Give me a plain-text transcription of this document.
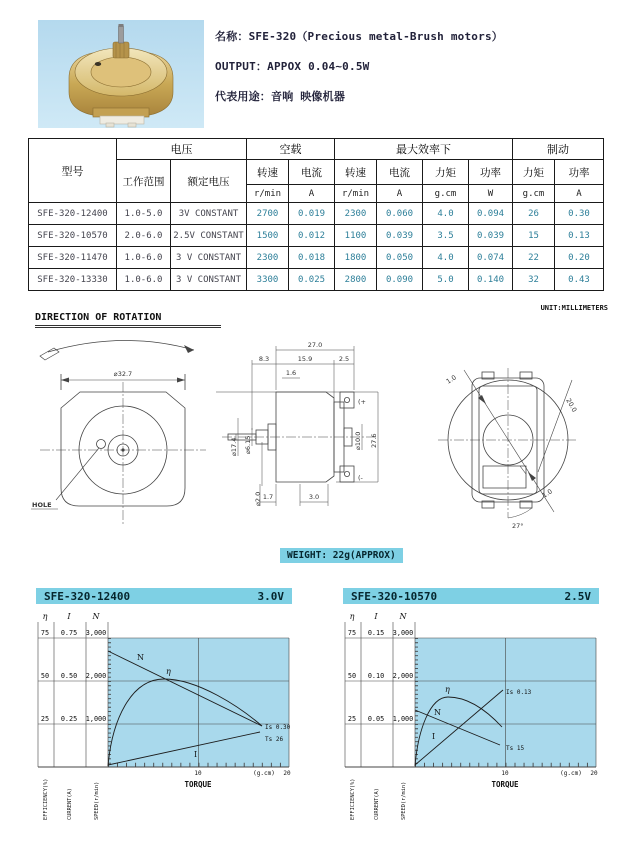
名称：SFE-320（Precious metal-Brush motors）
OUTPUT：APPOX 0.04~0.5W
代表用途：音响 映像机器
型号	电压		空载		最大效率下				制动	
	工作范围	额定电压	转速	电流	转速	电流	力矩	功率	力矩	功率
			r/min	A	r/min	A	g.cm	W	g.cm	A
SFE-320-12400	1.0-5.0	3V CONSTANT	2700	0.019	2300	0.060	4.0	0.094	26	0.30
SFE-320-10570	2.0-6.0	2.5V CONSTANT	1500	0.012	1100	0.039	3.5	0.039	15	0.13
SFE-320-11470	1.0-6.0	3 V CONSTANT	2300	0.018	1800	0.050	4.0	0.074	22	0.20
SFE-320-13330	1.0-6.0	3 V CONSTANT	3300	0.025	2800	0.090	5.0	0.140	32	0.43
DIRECTION OF ROTATION
UNIT:MILLIMETERS
⌀32.7
HOLE
(+
(-
27.0
8.3	15.9	2.5
1.6
⌀17.4 ⌀6.15
⌀2.0
⌀10.0 27.6
1.7	3.0
1.0
20.0
1.0
27°
WEIGHT: 22g(APPROX)
SFE-320-12400	3.0V
η	I	N
75 0.75 3,000
50 0.50 2,000
25 0.25 1,000
N
η
I
Is 0.30
Ts 26
10	(g.cm) 20
TORQUE
EFFICIENCY(%)	CURRENT(A)	SPEED(r/min)
SFE-320-10570	2.5V
η	I	N
75 0.15 3,000
50 0.10 2,000
25 0.05 1,000
N
η
I
Is 0.13
Ts 15
10	(g.cm) 20
TORQUE
EFFICIENCY(%)	CURRENT(A)	SPEED(r/min)
